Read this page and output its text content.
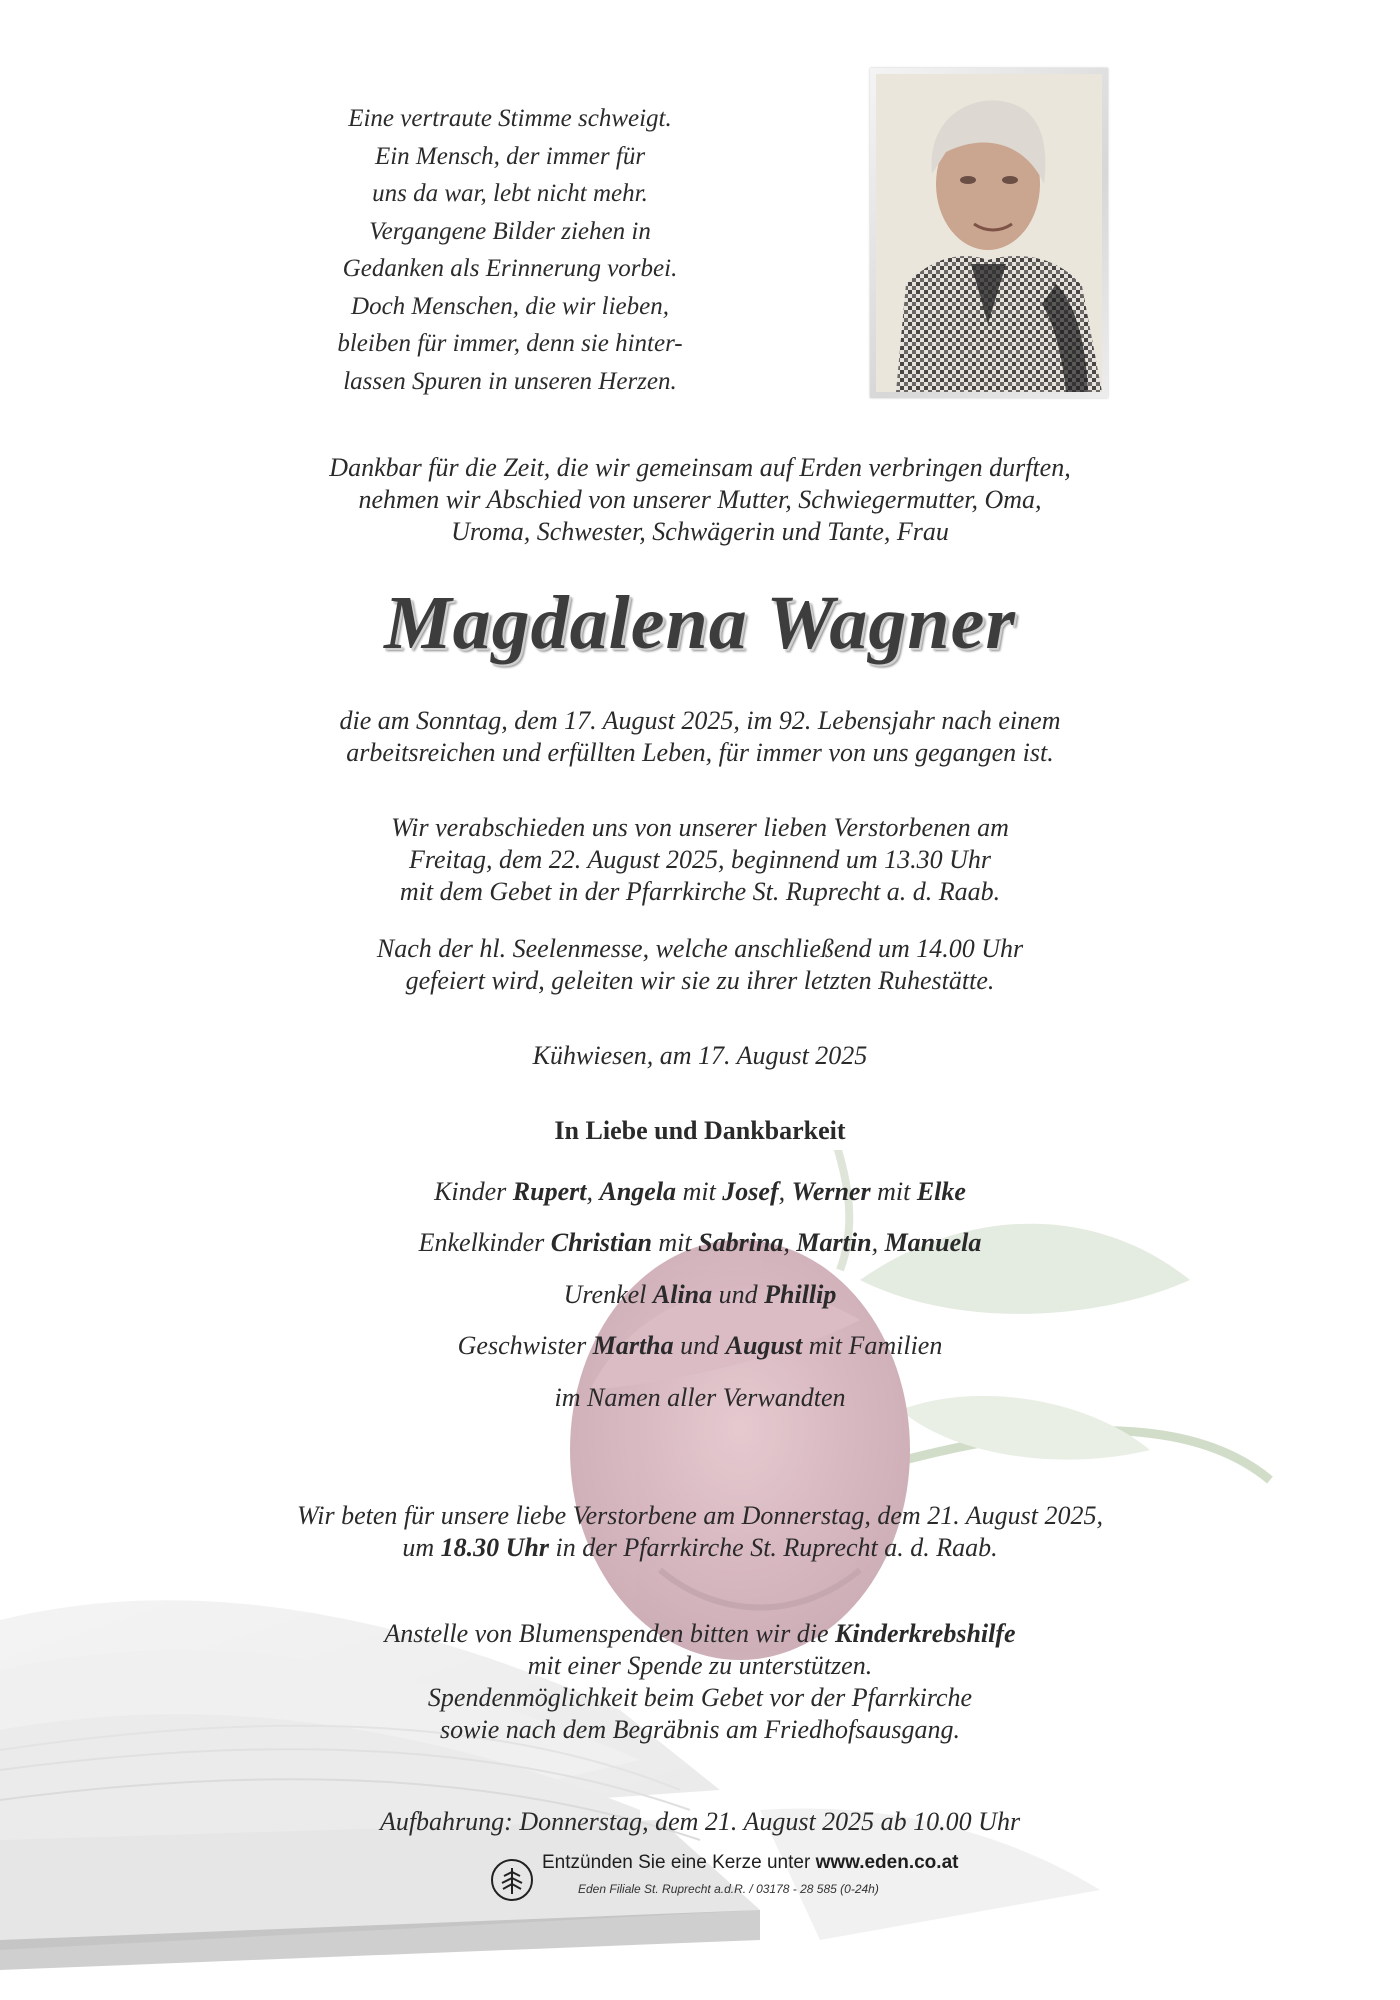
Eine vertraute Stimme schweigt.
Ein Mensch, der immer für
uns da war, lebt nicht mehr.
Vergangene Bilder ziehen in
Gedanken als Erinnerung vorbei.
Doch Menschen, die wir lieben,
bleiben für immer, denn sie hinter-
lassen Spuren in unseren Herzen.
Dankbar für die Zeit, die wir gemeinsam auf Erden verbringen durften,
nehmen wir Abschied von unserer Mutter, Schwiegermutter, Oma,
Uroma, Schwester, Schwägerin und Tante, Frau
Magdalena Wagner
die am Sonntag, dem 17. August 2025, im 92. Lebensjahr nach einem
arbeitsreichen und erfüllten Leben, für immer von uns gegangen ist.
Wir verabschieden uns von unserer lieben Verstorbenen am
Freitag, dem 22. August 2025, beginnend um 13.30 Uhr
mit dem Gebet in der Pfarrkirche St. Ruprecht a. d. Raab.
Nach der hl. Seelenmesse, welche anschließend um 14.00 Uhr
gefeiert wird, geleiten wir sie zu ihrer letzten Ruhestätte.
Kühwiesen, am 17. August 2025
In Liebe und Dankbarkeit
Kinder Rupert, Angela mit Josef, Werner mit Elke
Enkelkinder Christian mit Sabrina, Martin, Manuela
Urenkel Alina und Phillip
Geschwister Martha und August mit Familien
im Namen aller Verwandten
Wir beten für unsere liebe Verstorbene am Donnerstag, dem 21. August 2025,
um 18.30 Uhr in der Pfarrkirche St. Ruprecht a. d. Raab.
Anstelle von Blumenspenden bitten wir die Kinderkrebshilfe
mit einer Spende zu unterstützen.
Spendenmöglichkeit beim Gebet vor der Pfarrkirche
sowie nach dem Begräbnis am Friedhofsausgang.
Aufbahrung: Donnerstag, dem 21. August 2025 ab 10.00 Uhr
Entzünden Sie eine Kerze unter www.eden.co.at
Eden Filiale St. Ruprecht a.d.R. / 03178 - 28 585 (0-24h)
